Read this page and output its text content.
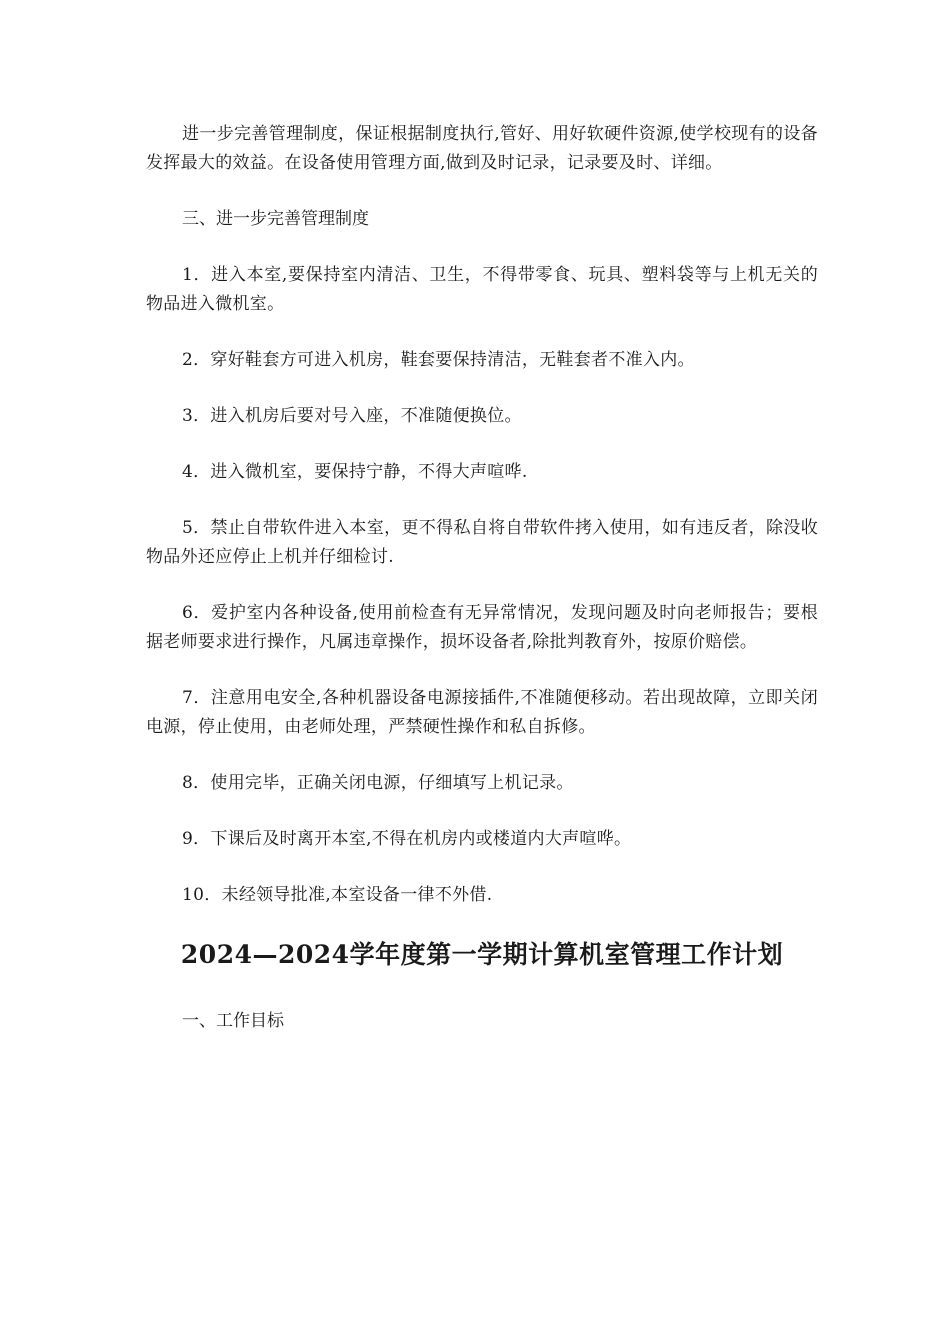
进一步完善管理制度，保证根据制度执行,管好、用好软硬件资源,使学校现有的设备发挥最大的效益。在设备使用管理方面,做到及时记录，记录要及时、详细。

三、进一步完善管理制度

1．进入本室,要保持室内清洁、卫生，不得带零食、玩具、塑料袋等与上机无关的物品进入微机室。

2．穿好鞋套方可进入机房，鞋套要保持清洁，无鞋套者不准入内。

3．进入机房后要对号入座，不准随便换位。

4．进入微机室，要保持宁静，不得大声喧哗.

5．禁止自带软件进入本室，更不得私自将自带软件拷入使用，如有违反者，除没收物品外还应停止上机并仔细检讨.

6．爱护室内各种设备,使用前检查有无异常情况，发现问题及时向老师报告；要根据老师要求进行操作，凡属违章操作，损坏设备者,除批判教育外，按原价赔偿。

7．注意用电安全,各种机器设备电源接插件,不准随便移动。若出现故障，立即关闭电源，停止使用，由老师处理，严禁硬性操作和私自拆修。

8．使用完毕，正确关闭电源，仔细填写上机记录。

9．下课后及时离开本室,不得在机房内或楼道内大声喧哗。

10．未经领导批准,本室设备一律不外借.

2024—2024学年度第一学期计算机室管理工作计划

一、工作目标
